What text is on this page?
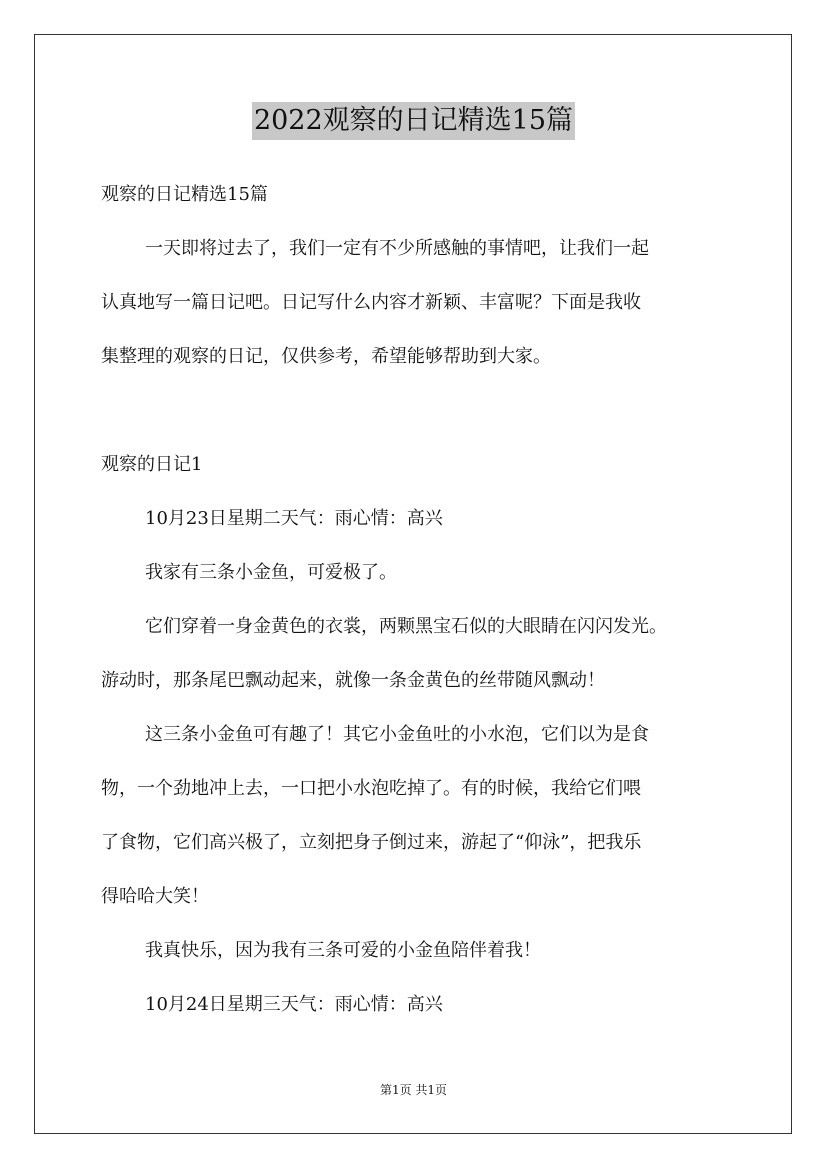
2022观察的日记精选15篇
观察的日记精选15篇
一天即将过去了，我们一定有不少所感触的事情吧，让我们一起
认真地写一篇日记吧。日记写什么内容才新颖、丰富呢？下面是我收
集整理的观察的日记，仅供参考，希望能够帮助到大家。
观察的日记1
10月23日星期二天气：雨心情：高兴
我家有三条小金鱼，可爱极了。
它们穿着一身金黄色的衣裳，两颗黑宝石似的大眼睛在闪闪发光。
游动时，那条尾巴飘动起来，就像一条金黄色的丝带随风飘动！
这三条小金鱼可有趣了！其它小金鱼吐的小水泡，它们以为是食
物，一个劲地冲上去，一口把小水泡吃掉了。有的时候，我给它们喂
了食物，它们高兴极了，立刻把身子倒过来，游起了“仰泳”，把我乐
得哈哈大笑！
我真快乐，因为我有三条可爱的小金鱼陪伴着我！
10月24日星期三天气：雨心情：高兴
第1页 共1页
